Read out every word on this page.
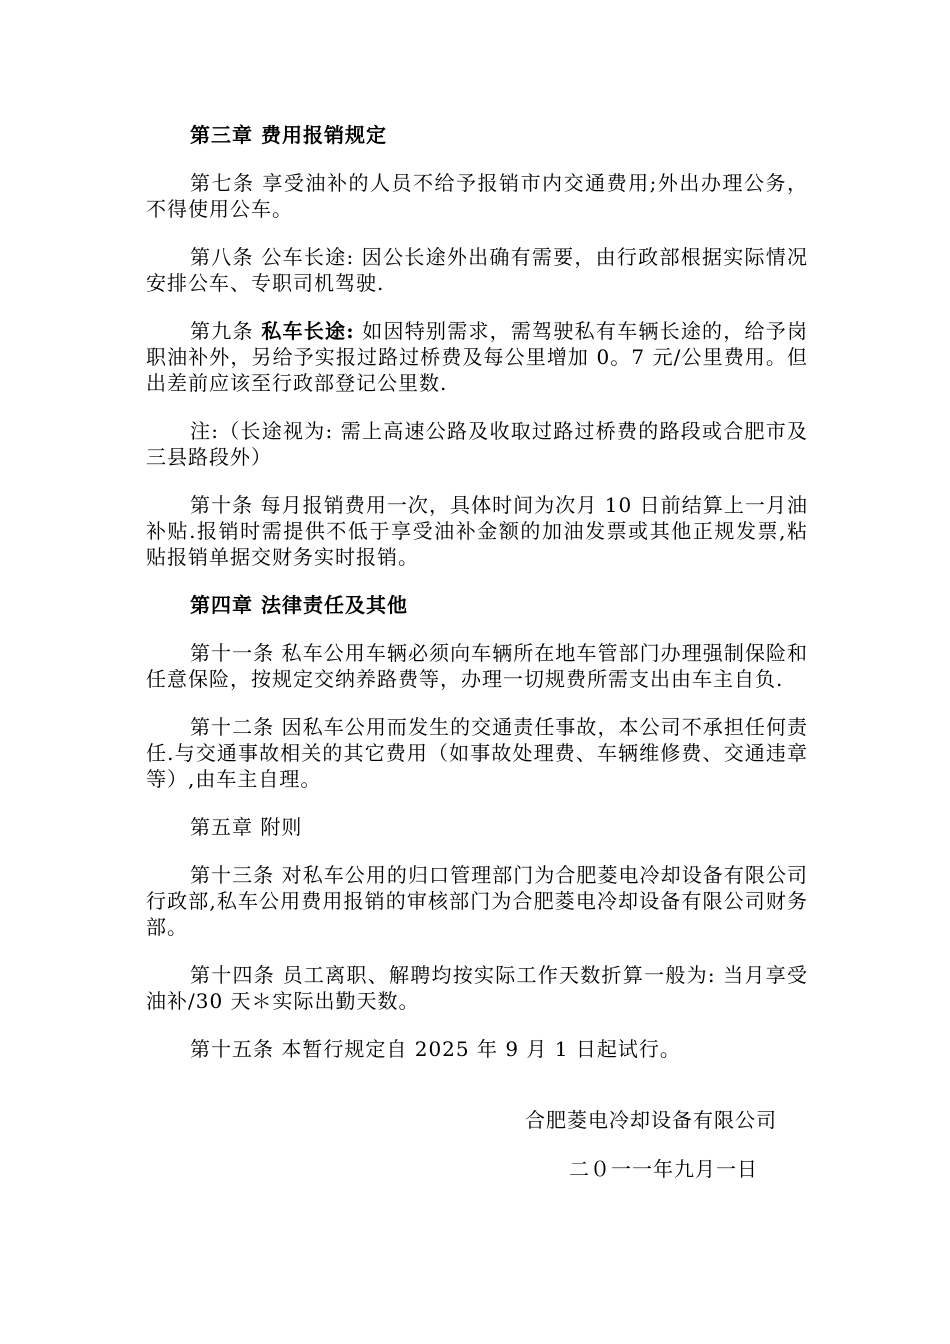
第三章 费用报销规定

第七条 享受油补的人员不给予报销市内交通费用;外出办理公务，不得使用公车。

第八条 公车长途: 因公长途外出确有需要，由行政部根据实际情况安排公车、专职司机驾驶.

第九条 私车长途: 如因特别需求，需驾驶私有车辆长途的，给予岗职油补外，另给予实报过路过桥费及每公里增加 0。7 元/公里费用。但出差前应该至行政部登记公里数.

注:（长途视为: 需上高速公路及收取过路过桥费的路段或合肥市及三县路段外）

第十条 每月报销费用一次，具体时间为次月 10 日前结算上一月油补贴.报销时需提供不低于享受油补金额的加油发票或其他正规发票,粘贴报销单据交财务实时报销。

第四章 法律责任及其他

第十一条 私车公用车辆必须向车辆所在地车管部门办理强制保险和任意保险，按规定交纳养路费等，办理一切规费所需支出由车主自负.

第十二条 因私车公用而发生的交通责任事故，本公司不承担任何责任.与交通事故相关的其它费用（如事故处理费、车辆维修费、交通违章等）,由车主自理。

第五章 附则

第十三条 对私车公用的归口管理部门为合肥菱电冷却设备有限公司行政部,私车公用费用报销的审核部门为合肥菱电冷却设备有限公司财务部。

第十四条 员工离职、解聘均按实际工作天数折算一般为: 当月享受油补/30 天＊实际出勤天数。

第十五条 本暂行规定自 2025 年 9 月 1 日起试行。

合肥菱电冷却设备有限公司
二０一一年九月一日
